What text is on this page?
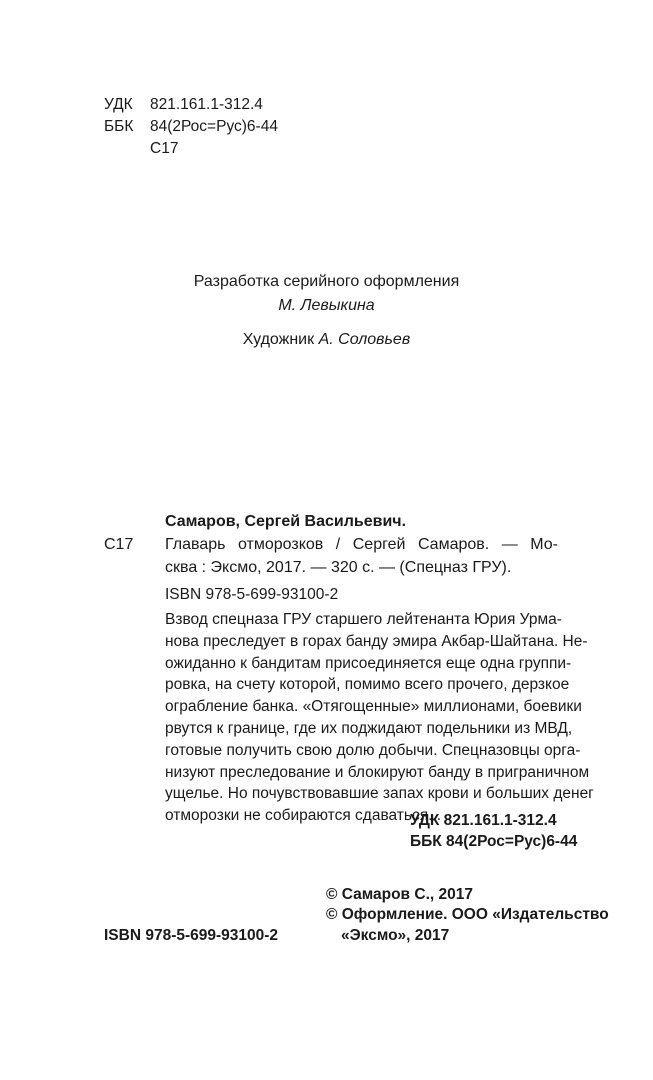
УДК 821.161.1-312.4
ББК 84(2Рос=Рус)6-44
С17
Разработка серийного оформления
М. Левыкина
Художник А. Соловьев
Самаров, Сергей Васильевич.
С17 Главарь отморозков / Сергей Самаров. — Мо-
сква : Эксмо, 2017. — 320 с. — (Спецназ ГРУ).
ISBN 978-5-699-93100-2
Взвод спецназа ГРУ старшего лейтенанта Юрия Урма-
нова преследует в горах банду эмира Акбар-Шайтана. Не-
ожиданно к бандитам присоединяется еще одна группи-
ровка, на счету которой, помимо всего прочего, дерзкое
ограбление банка. «Отягощенные» миллионами, боевики
рвутся к границе, где их поджидают подельники из МВД,
готовые получить свою долю добычи. Спецназовцы орга-
низуют преследование и блокируют банду в приграничном
ущелье. Но почувствовавшие запах крови и больших денег
отморозки не собираются сдаваться...
УДК 821.161.1-312.4
ББК 84(2Рос=Рус)6-44
© Самаров С., 2017
© Оформление. ООО «Издательство
ISBN 978-5-699-93100-2	«Эксмо», 2017
